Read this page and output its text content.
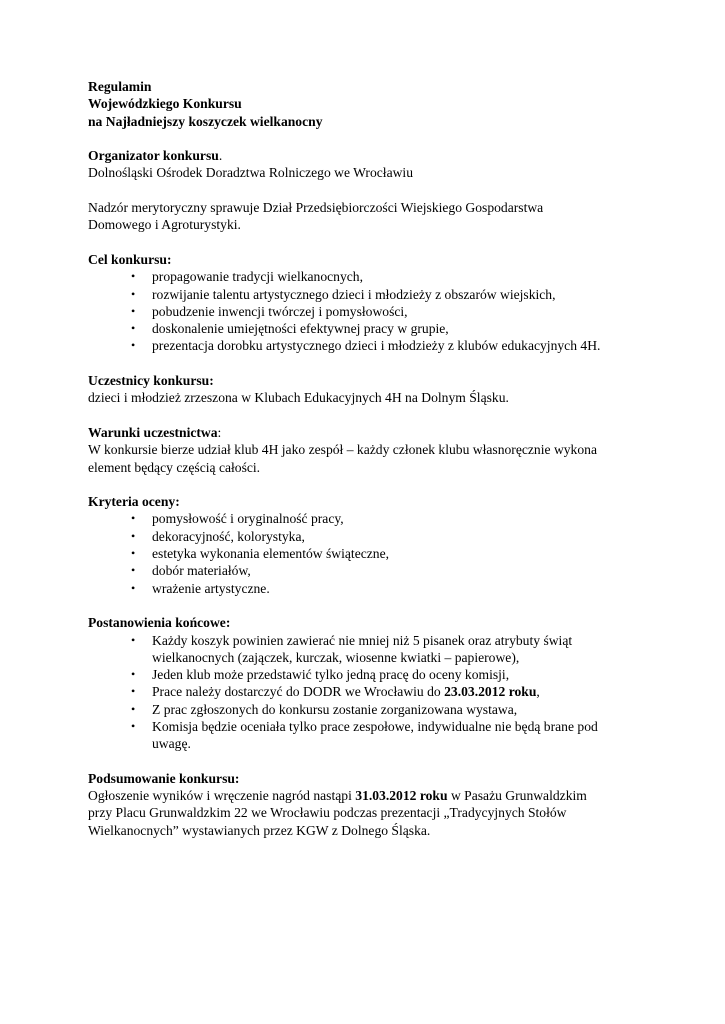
Regulamin

Wojewódzkiego Konkursu

na Najładniejszy koszyczek wielkanocny

Organizator konkursu.

Dolnośląski Ośrodek Doradztwa Rolniczego we Wrocławiu

Nadzór merytoryczny sprawuje Dział Przedsiębiorczości Wiejskiego Gospodarstwa

Domowego i Agroturystyki.

Cel konkursu:

• propagowanie tradycji wielkanocnych,
• rozwijanie talentu artystycznego dzieci i młodzieży z obszarów wiejskich,
• pobudzenie inwencji twórczej i pomysłowości,
• doskonalenie umiejętności efektywnej pracy w grupie,
• prezentacja dorobku artystycznego dzieci i młodzieży z klubów edukacyjnych 4H.

Uczestnicy konkursu:

dzieci i młodzież zrzeszona w Klubach Edukacyjnych 4H na Dolnym Śląsku.

Warunki uczestnictwa:

W konkursie bierze udział klub 4H jako zespół – każdy członek klubu własnoręcznie wykona

element będący częścią całości.

Kryteria oceny:

• pomysłowość i oryginalność pracy,
• dekoracyjność, kolorystyka,
• estetyka wykonania elementów świąteczne,
• dobór materiałów,
• wrażenie artystyczne.

Postanowienia końcowe:

• Każdy koszyk powinien zawierać nie mniej niż 5 pisanek oraz atrybuty świąt
wielkanocnych (zajączek, kurczak, wiosenne kwiatki – papierowe),
• Jeden klub może przedstawić tylko jedną pracę do oceny komisji,
• Prace należy dostarczyć do DODR we Wrocławiu do 23.03.2012 roku,
• Z prac zgłoszonych do konkursu zostanie zorganizowana wystawa,
• Komisja będzie oceniała tylko prace zespołowe, indywidualne nie będą brane pod
uwagę.

Podsumowanie konkursu:

Ogłoszenie wyników i wręczenie nagród nastąpi 31.03.2012 roku w Pasażu Grunwaldzkim

przy Placu Grunwaldzkim 22 we Wrocławiu podczas prezentacji „Tradycyjnych Stołów

Wielkanocnych” wystawianych przez KGW z Dolnego Śląska.
